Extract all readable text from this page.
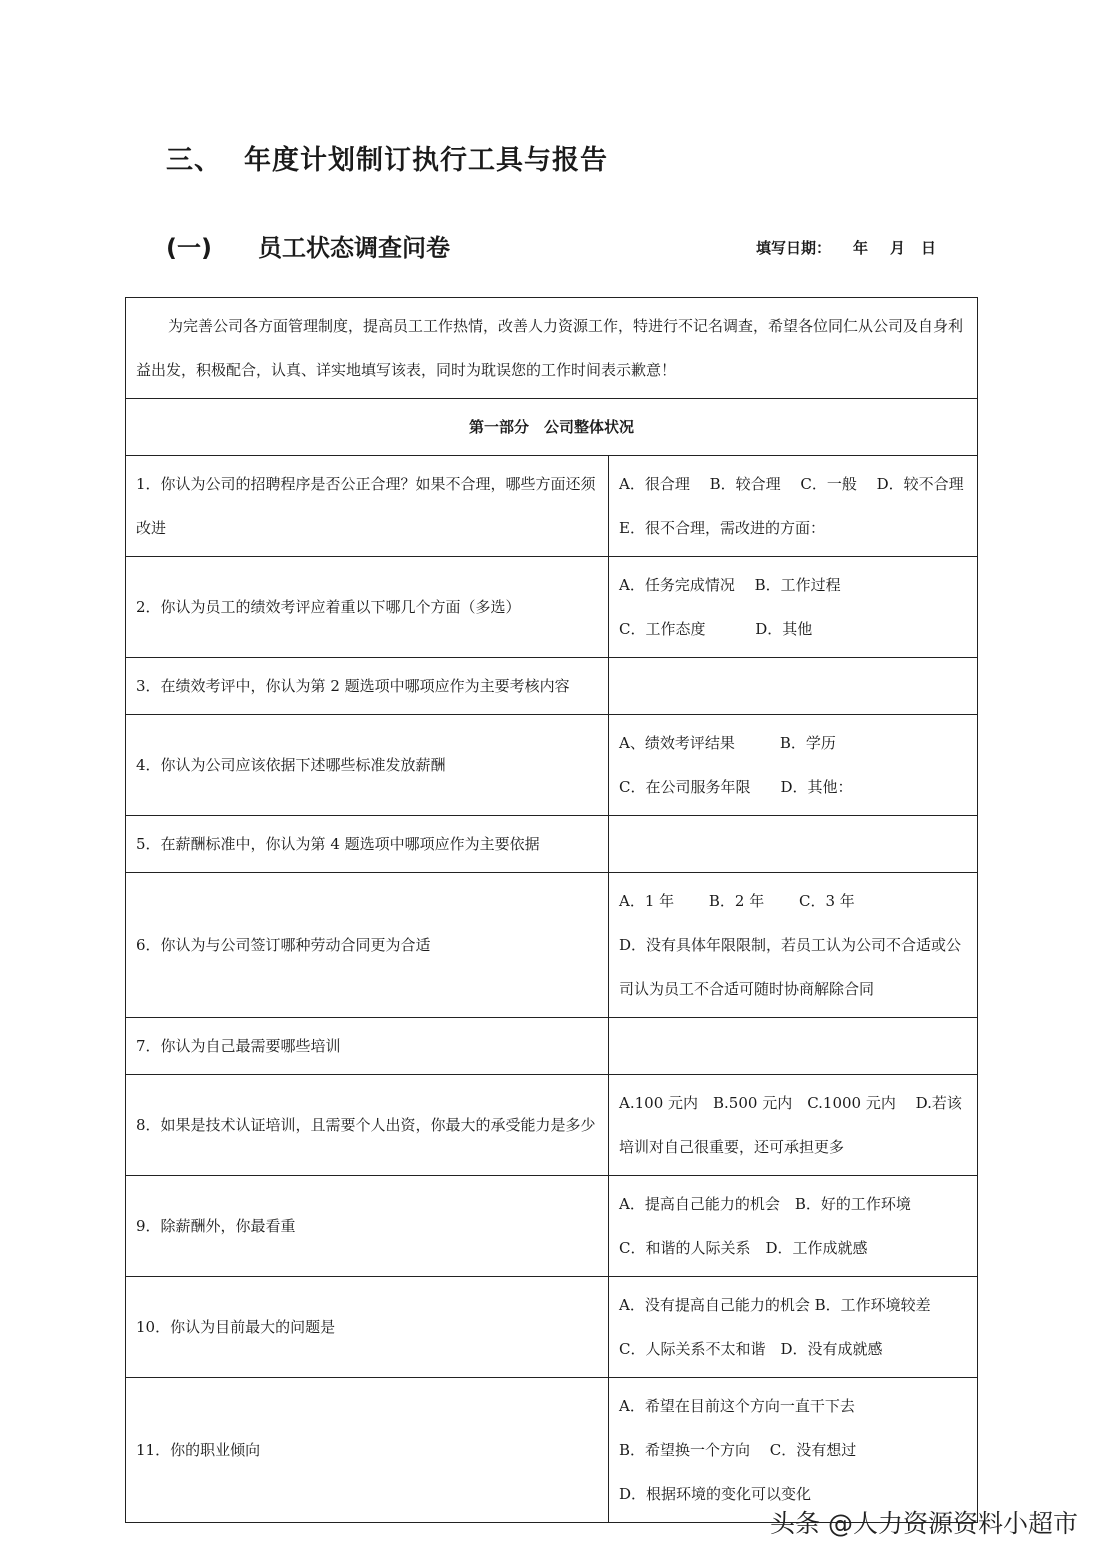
三、 年度计划制订执行工具与报告
(一) 员工状态调查问卷	填写日期： 年 月 日
为完善公司各方面管理制度，提高员工工作热情，改善人力资源工作，特进行不记名调查，希望各位同仁从公司及自身利益出发，积极配合，认真、详实地填写该表，同时为耽误您的工作时间表示歉意！	
第一部分　公司整体状况	
1．你认为公司的招聘程序是否公正合理？如果不合理，哪些方面还须改进	A．很合理　 B．较合理　 C．一般　 D．较不合理 E．很不合理，需改进的方面：

2．你认为员工的绩效考评应着重以下哪几个方面（多选）	A．任务完成情况　 B．工作过程
C．工作态度　　　 D．其他

3．在绩效考评中，你认为第 2 题选项中哪项应作为主要考核内容	
4．你认为公司应该依据下述哪些标准发放薪酬	A、绩效考评结果　　　B．学历
C．在公司服务年限　　D．其他：

5．在薪酬标准中，你认为第 4 题选项中哪项应作为主要依据	
6．你认为与公司签订哪种劳动合同更为合适	A．1 年　　 B．2 年　　 C．3 年
D．没有具体年限限制，若员工认为公司不合适或公司认为员工不合适可随时协商解除合同

7．你认为自己最需要哪些培训	
8．如果是技术认证培训，且需要个人出资，你最大的承受能力是多少	A.100 元内　B.500 元内　C.1000 元内　 D.若该培训对自己很重要，还可承担更多

9．除薪酬外，你最看重	A．提高自己能力的机会　B．好的工作环境
C．和谐的人际关系　D．工作成就感

10．你认为目前最大的问题是	A．没有提高自己能力的机会 B．工作环境较差
C．人际关系不太和谐　D．没有成就感

11．你的职业倾向	A．希望在目前这个方向一直干下去
B．希望换一个方向　 C．没有想过
D．根据环境的变化可以变化
头条 @人力资源资料小超市
